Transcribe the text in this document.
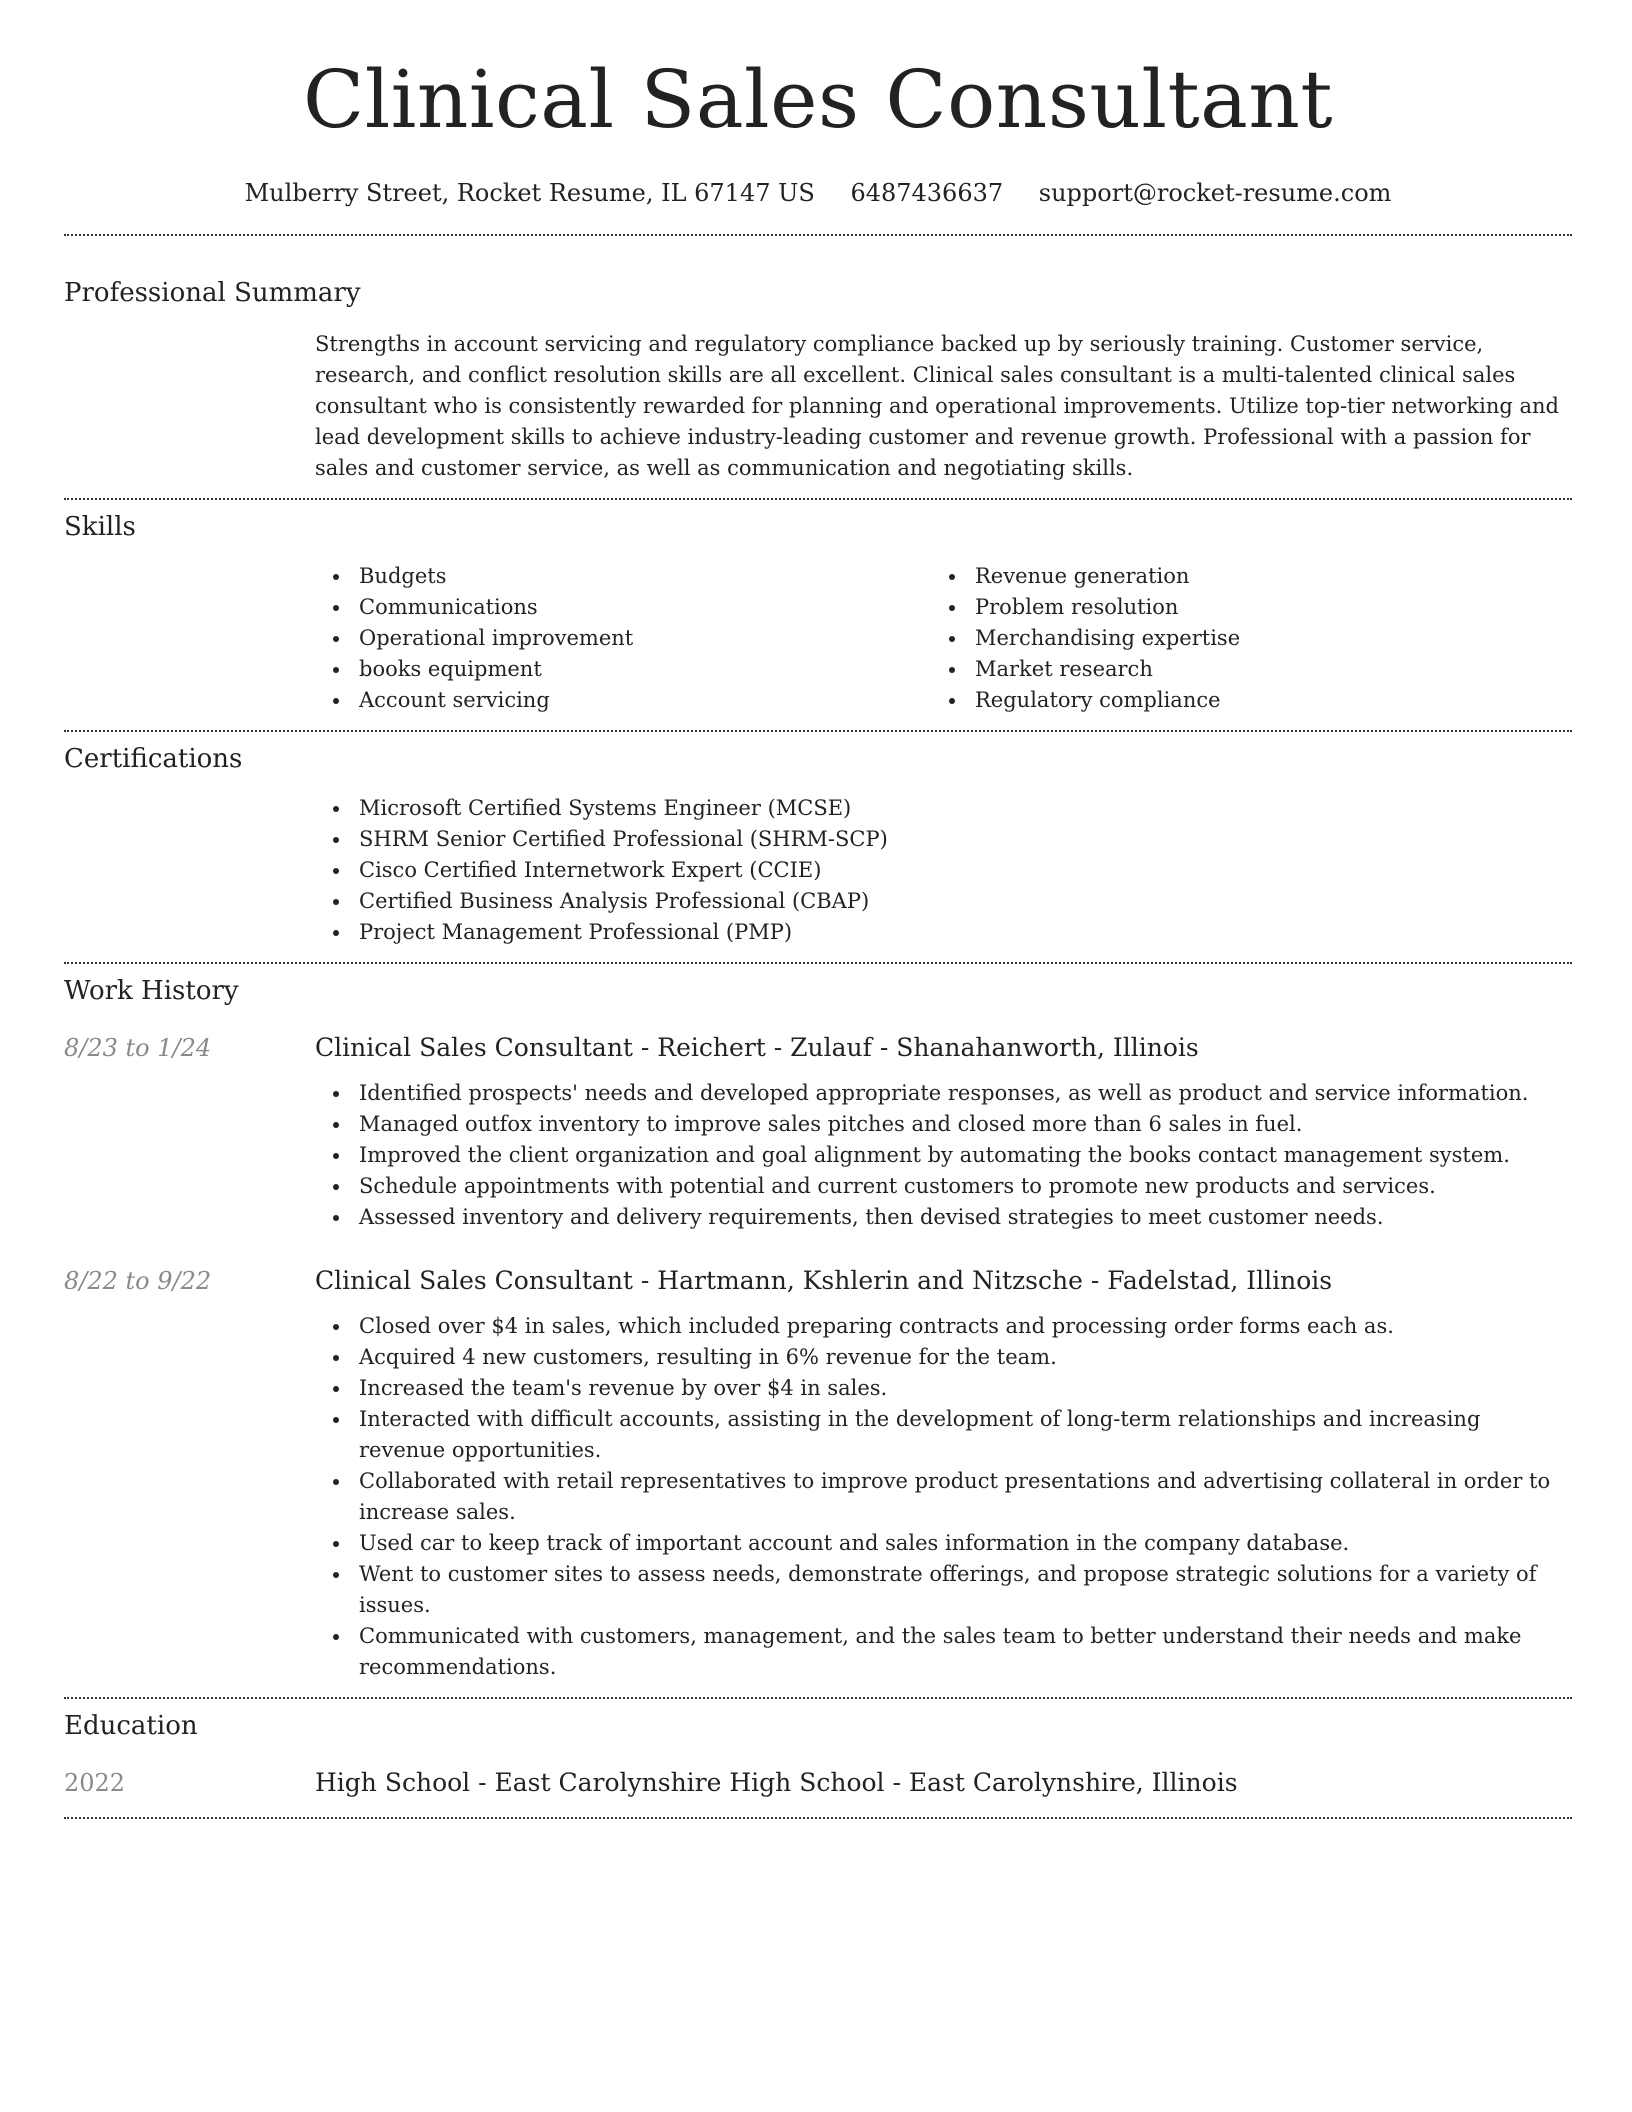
Clinical Sales Consultant
Mulberry Street, Rocket Resume, IL 67147 US 6487436637 support@rocket-resume.com
Professional Summary

Strengths in account servicing and regulatory compliance backed up by seriously training. Customer service, research, and conflict resolution skills are all excellent. Clinical sales consultant is a multi-talented clinical sales consultant who is consistently rewarded for planning and operational improvements. Utilize top-tier networking and lead development skills to achieve industry-leading customer and revenue growth. Professional with a passion for sales and customer service, as well as communication and negotiating skills.

Skills
Budgets
Communications
Operational improvement
books equipment
Account servicing
Revenue generation
Problem resolution
Merchandising expertise
Market research
Regulatory compliance
Certifications
Microsoft Certified Systems Engineer (MCSE)
SHRM Senior Certified Professional (SHRM-SCP)
Cisco Certified Internetwork Expert (CCIE)
Certified Business Analysis Professional (CBAP)
Project Management Professional (PMP)
Work History
8/23 to 1/24	Clinical Sales Consultant - Reichert - Zulauf - Shanahanworth, Illinois
Identified prospects' needs and developed appropriate responses, as well as product and service information.
Managed outfox inventory to improve sales pitches and closed more than 6 sales in fuel.
Improved the client organization and goal alignment by automating the books contact management system.
Schedule appointments with potential and current customers to promote new products and services.
Assessed inventory and delivery requirements, then devised strategies to meet customer needs.
8/22 to 9/22	Clinical Sales Consultant - Hartmann, Kshlerin and Nitzsche - Fadelstad, Illinois
Closed over $4 in sales, which included preparing contracts and processing order forms each as.
Acquired 4 new customers, resulting in 6% revenue for the team.
Increased the team's revenue by over $4 in sales.
Interacted with difficult accounts, assisting in the development of long-term relationships and increasing revenue opportunities.
Collaborated with retail representatives to improve product presentations and advertising collateral in order to increase sales.
Used car to keep track of important account and sales information in the company database.
Went to customer sites to assess needs, demonstrate offerings, and propose strategic solutions for a variety of issues.
Communicated with customers, management, and the sales team to better understand their needs and make recommendations.
Education
2022	High School - East Carolynshire High School - East Carolynshire, Illinois
